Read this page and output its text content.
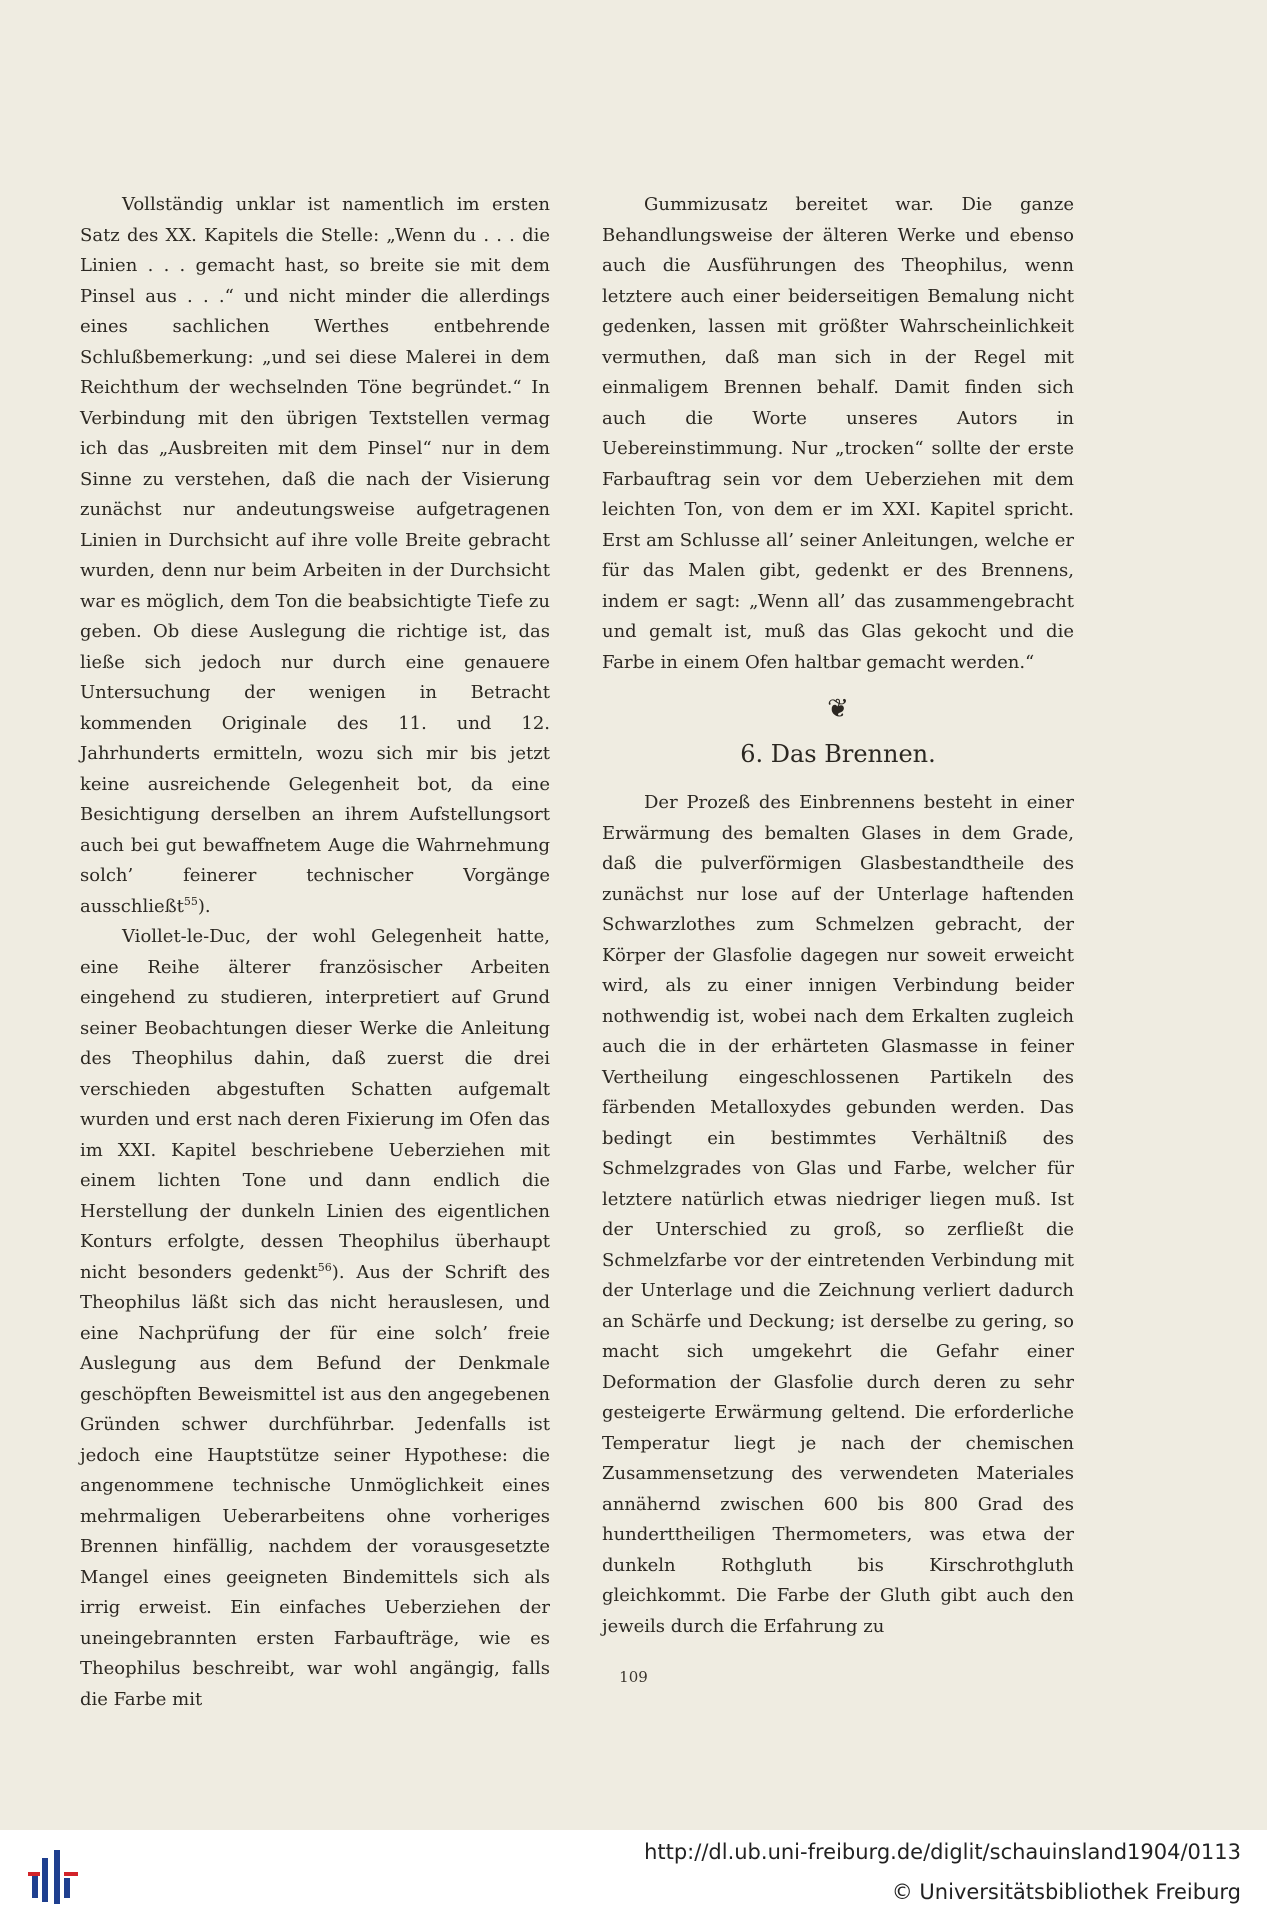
Vollständig unklar ist namentlich im ersten Satz des XX. Kapitels die Stelle: „Wenn du . . . die Linien . . . gemacht hast, so breite sie mit dem Pinsel aus . . .“ und nicht minder die allerdings eines sachlichen Werthes entbehrende Schlußbemerkung: „und sei diese Malerei in dem Reichthum der wechselnden Töne begründet.“ In Verbindung mit den übrigen Textstellen vermag ich das „Ausbreiten mit dem Pinsel“ nur in dem Sinne zu verstehen, daß die nach der Visierung zunächst nur andeutungsweise aufgetragenen Linien in Durchsicht auf ihre volle Breite gebracht wurden, denn nur beim Arbeiten in der Durchsicht war es möglich, dem Ton die beabsichtigte Tiefe zu geben. Ob diese Auslegung die richtige ist, das ließe sich jedoch nur durch eine genauere Untersuchung der wenigen in Betracht kommenden Originale des 11. und 12. Jahrhunderts ermitteln, wozu sich mir bis jetzt keine ausreichende Gelegenheit bot, da eine Besichtigung derselben an ihrem Aufstellungsort auch bei gut bewaffnetem Auge die Wahrnehmung solch’ feinerer technischer Vorgänge ausschließt$^{55}$).

Viollet-le-Duc, der wohl Gelegenheit hatte, eine Reihe älterer französischer Arbeiten eingehend zu studieren, interpretiert auf Grund seiner Beobachtungen dieser Werke die Anleitung des Theophilus dahin, daß zuerst die drei verschieden abgestuften Schatten aufgemalt wurden und erst nach deren Fixierung im Ofen das im XXI. Kapitel beschriebene Ueberziehen mit einem lichten Tone und dann endlich die Herstellung der dunkeln Linien des eigentlichen Konturs erfolgte, dessen Theophilus überhaupt nicht besonders gedenkt$^{56}$). Aus der Schrift des Theophilus läßt sich das nicht herauslesen, und eine Nachprüfung der für eine solch’ freie Auslegung aus dem Befund der Denkmale geschöpften Beweismittel ist aus den angegebenen Gründen schwer durchführbar. Jedenfalls ist jedoch eine Hauptstütze seiner Hypothese: die angenommene technische Unmöglichkeit eines mehrmaligen Ueberarbeitens ohne vorheriges Brennen hinfällig, nachdem der vorausgesetzte Mangel eines geeigneten Bindemittels sich als irrig erweist. Ein einfaches Ueberziehen der uneingebrannten ersten Farbaufträge, wie es Theophilus beschreibt, war wohl angängig, falls die Farbe mit

Gummizusatz bereitet war. Die ganze Behandlungsweise der älteren Werke und ebenso auch die Ausführungen des Theophilus, wenn letztere auch einer beiderseitigen Bemalung nicht gedenken, lassen mit größter Wahrscheinlichkeit vermuthen, daß man sich in der Regel mit einmaligem Brennen behalf. Damit finden sich auch die Worte unseres Autors in Uebereinstimmung. Nur „trocken“ sollte der erste Farbauftrag sein vor dem Ueberziehen mit dem leichten Ton, von dem er im XXI. Kapitel spricht. Erst am Schlusse all’ seiner Anleitungen, welche er für das Malen gibt, gedenkt er des Brennens, indem er sagt: „Wenn all’ das zusammengebracht und gemalt ist, muß das Glas gekocht und die Farbe in einem Ofen haltbar gemacht werden.“

❦
6. Das Brennen.

Der Prozeß des Einbrennens besteht in einer Erwärmung des bemalten Glases in dem Grade, daß die pulverförmigen Glasbestandtheile des zunächst nur lose auf der Unterlage haftenden Schwarzlothes zum Schmelzen gebracht, der Körper der Glasfolie dagegen nur soweit erweicht wird, als zu einer innigen Verbindung beider nothwendig ist, wobei nach dem Erkalten zugleich auch die in der erhärteten Glasmasse in feiner Vertheilung eingeschlossenen Partikeln des färbenden Metalloxydes gebunden werden. Das bedingt ein bestimmtes Verhältniß des Schmelzgrades von Glas und Farbe, welcher für letztere natürlich etwas niedriger liegen muß. Ist der Unterschied zu groß, so zerfließt die Schmelzfarbe vor der eintretenden Verbindung mit der Unterlage und die Zeichnung verliert dadurch an Schärfe und Deckung; ist derselbe zu gering, so macht sich umgekehrt die Gefahr einer Deformation der Glasfolie durch deren zu sehr gesteigerte Erwärmung geltend. Die erforderliche Temperatur liegt je nach der chemischen Zusammensetzung des verwendeten Materiales annähernd zwischen 600 bis 800 Grad des hunderttheiligen Thermometers, was etwa der dunkeln Rothgluth bis Kirschrothgluth gleichkommt. Die Farbe der Gluth gibt auch den jeweils durch die Erfahrung zu

109
http://dl.ub.uni-freiburg.de/diglit/schauinsland1904/0113
© Universitätsbibliothek Freiburg
